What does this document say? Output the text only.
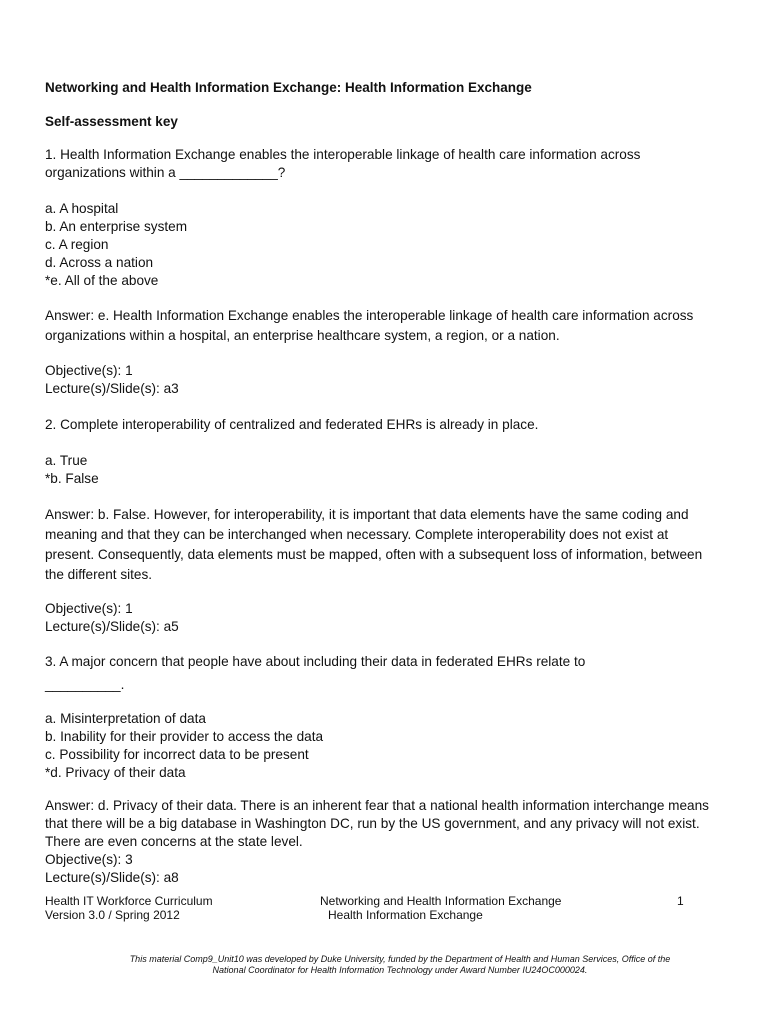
Networking and Health Information Exchange: Health Information Exchange
Self-assessment key
1. Health Information Exchange enables the interoperable linkage of health care information across
organizations within a _____________?
a. A hospital
b. An enterprise system
c. A region
d. Across a nation
*e. All of the above
Answer: e. Health Information Exchange enables the interoperable linkage of health care information across organizations within a hospital, an enterprise healthcare system, a region, or a nation.
Objective(s): 1
Lecture(s)/Slide(s): a3
2. Complete interoperability of centralized and federated EHRs is already in place.
a. True
*b. False
Answer: b. False. However, for interoperability, it is important that data elements have the same coding and meaning and that they can be interchanged when necessary. Complete interoperability does not exist at present. Consequently, data elements must be mapped, often with a subsequent loss of information, between the different sites.
Objective(s): 1
Lecture(s)/Slide(s): a5
3. A major concern that people have about including their data in federated EHRs relate to
__________.
a. Misinterpretation of data
b. Inability for their provider to access the data
c. Possibility for incorrect data to be present
*d. Privacy of their data
Answer: d. Privacy of their data. There is an inherent fear that a national health information interchange means that there will be a big database in Washington DC, run by the US government, and any privacy will not exist. There are even concerns at the state level.
Objective(s): 3
Lecture(s)/Slide(s): a8
Health IT Workforce Curriculum
Version 3.0 / Spring 2012
Networking and Health Information Exchange
Health Information Exchange
1
This material Comp9_Unit10 was developed by Duke University, funded by the Department of Health and Human Services, Office of the
National Coordinator for Health Information Technology under Award Number IU24OC000024.
